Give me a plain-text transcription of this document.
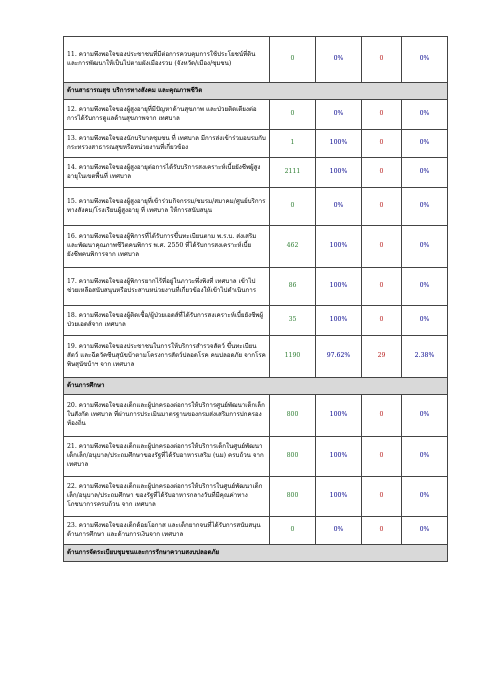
11. ความพึงพอใจของประชาชนที่มีต่อการควบคุมการใช้ประโยชน์ที่ดินและการพัฒนาให้เป็นไปตามผังเมืองรวม (จังหวัด/เมือง/ชุมชน)	0	0%	0	0%
ด้านสาธารณสุข บริการทางสังคม และคุณภาพชีวิต				
12. ความพึงพอใจของผู้สูงอายุที่มีปัญหาด้านสุขภาพ และป่วยติดเตียงต่อการได้รับการดูแลด้านสุขภาพจาก เทศบาล	0	0%	0	0%
13. ความพึงพอใจของนักบริบาลชุมชน ที่ เทศบาล มีการส่งเข้าร่วมอบรมกับกระทรวงสาธารณสุขหรือหน่วยงานที่เกี่ยวข้อง	1	100%	0	0%
14. ความพึงพอใจของผู้สูงอายุต่อการได้รับบริการสงเคราะห์เบี้ยยังชีพผู้สูงอายุในเขตพื้นที่ เทศบาล	2111	100%	0	0%
15. ความพึงพอใจของผู้สูงอายุที่เข้าร่วมกิจกรรม/ชมรม/สมาคม/ศูนย์บริการทางสังคม/โรงเรียนผู้สูงอายุ ที่ เทศบาล ให้การสนับสนุน	0	0%	0	0%
16. ความพึงพอใจของผู้พิการที่ได้รับการขึ้นทะเบียนตาม พ.ร.บ. ส่งเสริมและพัฒนาคุณภาพชีวิตคนพิการ พ.ศ. 2550 ที่ได้รับการสงเคราะห์เบี้ยยังชีพคนพิการจาก เทศบาล	462	100%	0	0%
17. ความพึงพอใจของผู้พิการยากไร้ที่อยู่ในภาวะพึ่งพิงที่ เทศบาล เข้าไปช่วยเหลือสนับสนุนหรือประสานหน่วยงานที่เกี่ยวข้องให้เข้าไปดำเนินการ	86	100%	0	0%
18. ความพึงพอใจของผู้ติดเชื้อ/ผู้ป่วยเอดส์ที่ได้รับการสงเคราะห์เบี้ยยังชีพผู้ป่วยเอดส์จาก เทศบาล	35	100%	0	0%
19. ความพึงพอใจของประชาชนในการให้บริการสำรวจสัตว์ ขึ้นทะเบียนสัตว์ และฉีดวัคซีนสุนัขบ้าตามโครงการสัตว์ปลอดโรค คนปลอดภัย จากโรคพิษสุนัขบ้าฯ จาก เทศบาล	1190	97.62%	29	2.38%
ด้านการศึกษา				
20. ความพึงพอใจของเด็กและผู้ปกครองต่อการให้บริการศูนย์พัฒนาเด็กเล็กในสังกัด เทศบาล ที่ผ่านการประเมินมาตรฐานของกรมส่งเสริมการปกครองท้องถิ่น	800	100%	0	0%
21. ความพึงพอใจของเด็กและผู้ปกครองต่อการให้บริการเด็กในศูนย์พัฒนาเด็กเล็ก/อนุบาล/ประถมศึกษาของรัฐที่ได้รับอาหารเสริม (นม) ครบถ้วน จาก เทศบาล	800	100%	0	0%
22. ความพึงพอใจของเด็กและผู้ปกครองต่อการให้บริการในศูนย์พัฒนาเด็กเล็ก/อนุบาล/ประถมศึกษา ของรัฐที่ได้รับอาหารกลางวันที่มีคุณค่าทางโภชนาการครบถ้วน จาก เทศบาล	800	100%	0	0%
23. ความพึงพอใจของเด็กด้อยโอกาส และเด็กยากจนที่ได้รับการสนับสนุนด้านการศึกษา และด้านการเงินจาก เทศบาล	0	0%	0	0%
ด้านการจัดระเบียบชุมชนและการรักษาความสงบปลอดภัย				
